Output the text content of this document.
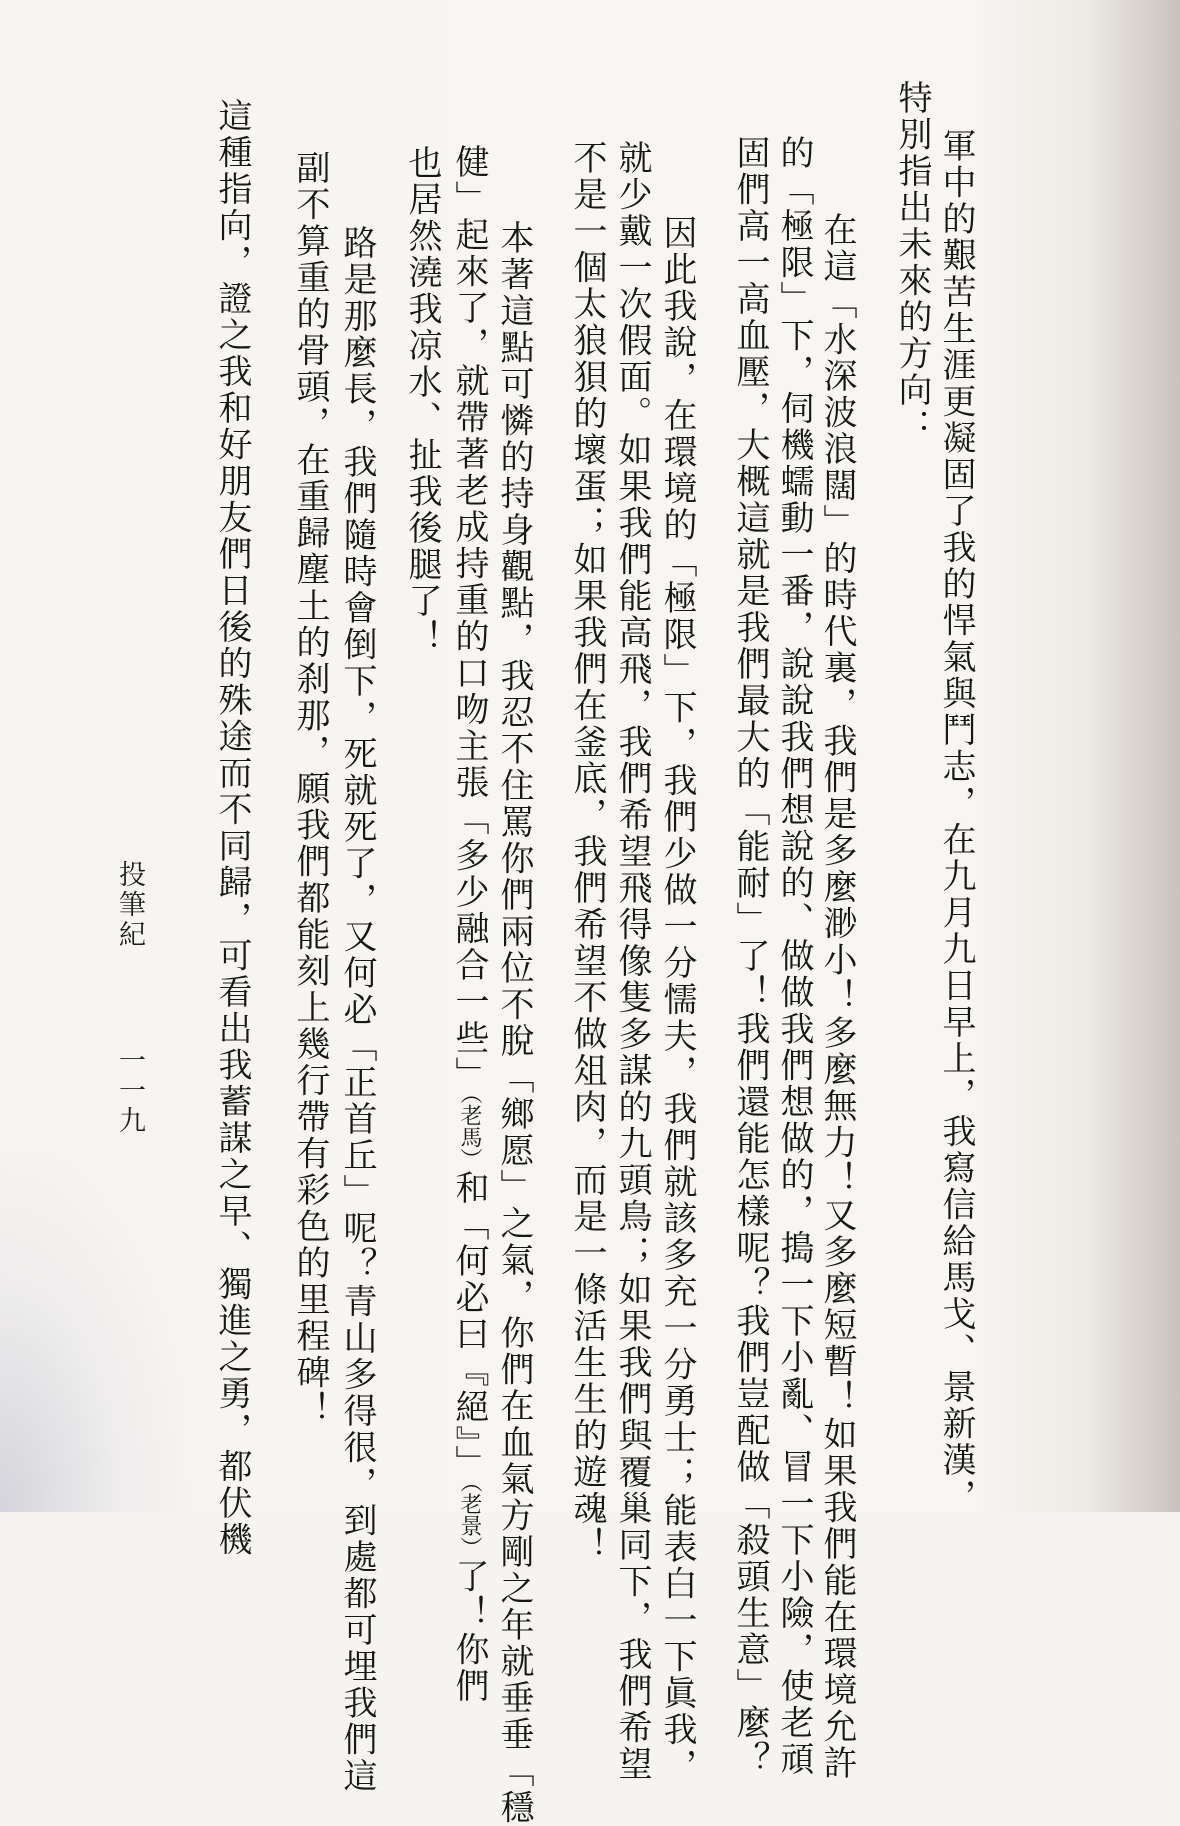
軍中的艱苦生涯更凝固了我的悍氣與鬥志，在九月九日早上，我寫信給馬戈、景新漢，
特別指出未來的方向：
在這「水深波浪闊」的時代裏，我們是多麼渺小！多麼無力！又多麼短暫！如果我們能在環境允許
的「極限」下，伺機蠕動一番，說說我們想說的、做做我們想做的，搗一下小亂、冒一下小險，使老頑
固們高一高血壓，大概這就是我們最大的「能耐」了！我們還能怎樣呢？我們豈配做「殺頭生意」麼？
因此我說，在環境的「極限」下，我們少做一分懦夫，我們就該多充一分勇士；能表白一下眞我，
就少戴一次假面。如果我們能高飛，我們希望飛得像隻多謀的九頭鳥；如果我們與覆巢同下，我們希望
不是一個太狼狽的壞蛋；如果我們在釜底，我們希望不做俎肉，而是一條活生生的遊魂！
本著這點可憐的持身觀點，我忍不住罵你們兩位不脫「鄉愿」之氣，你們在血氣方剛之年就垂垂「穩
健」起來了，就帶著老成持重的口吻主張「多少融合一些」（老馬）和「何必曰『絕』」（老景）了！你們
也居然澆我凉水、扯我後腿了！
路是那麼長，我們隨時會倒下，死就死了，又何必「正首丘」呢？青山多得很，到處都可埋我們這
副不算重的骨頭，在重歸塵土的刹那，願我們都能刻上幾行帶有彩色的里程碑！
這種指向，證之我和好朋友們日後的殊途而不同歸，可看出我蓄謀之早、獨進之勇，都伏機
投筆紀一一九
